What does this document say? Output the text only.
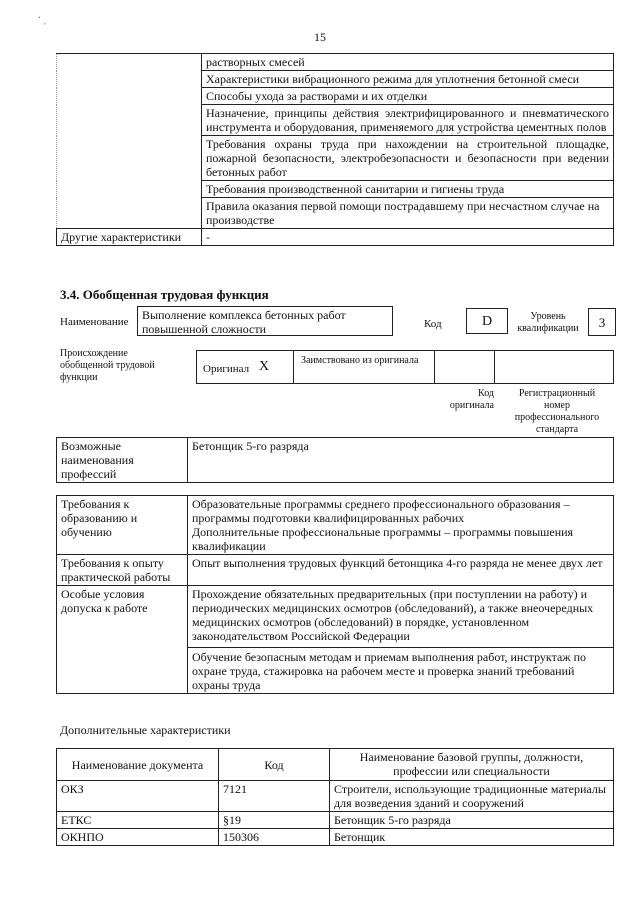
ˑ ˌ
15
	растворных смесей
	Характеристики вибрационного режима для уплотнения бетонной смеси
	Способы ухода за растворами и их отделки
	Назначение, принципы действия электрифицированного и пневматического инструмента и оборудования, применяемого для устройства цементных полов
	Требования охраны труда при нахождении на строительной площадке, пожарной безопасности, электробезопасности и безопасности при ведении бетонных работ
	Требования производственной санитарии и гигиены труда
	Правила оказания первой помощи пострадавшему при несчастном случае на производстве
Другие характеристики	-
3.4. Обобщенная трудовая функция
Наименование	Выполнение комплекса бетонных работ повышенной сложности	Код	D	Уровень квалификации	3
Происхождение обобщенной трудовой функции
Оригинал X	Заимствовано из оригинала
Код оригинала
Регистрационный номер профессионального стандарта
Возможные наименования профессий	Бетонщик 5-го разряда
Требования к образованию и обучению	Образовательные программы среднего профессионального образования – программы подготовки квалифицированных рабочих
Дополнительные профессиональные программы – программы повышения квалификации

Требования к опыту практической работы	Опыт выполнения трудовых функций бетонщика 4-го разряда не менее двух лет
Особые условия допуска к работе	Прохождение обязательных предварительных (при поступлении на работу) и периодических медицинских осмотров (обследований), а также внеочередных медицинских осмотров (обследований) в порядке, установленном законодательством Российской Федерации
Обучение безопасным методам и приемам выполнения работ, инструктаж по охране труда, стажировка на рабочем месте и проверка знаний требований охраны труда
Дополнительные характеристики
Наименование документа	Код	Наименование базовой группы, должности, профессии или специальности
ОКЗ	7121	Строители, использующие традиционные материалы для возведения зданий и сооружений
ЕТКС	§19	Бетонщик 5-го разряда
ОКНПО	150306	Бетонщик
